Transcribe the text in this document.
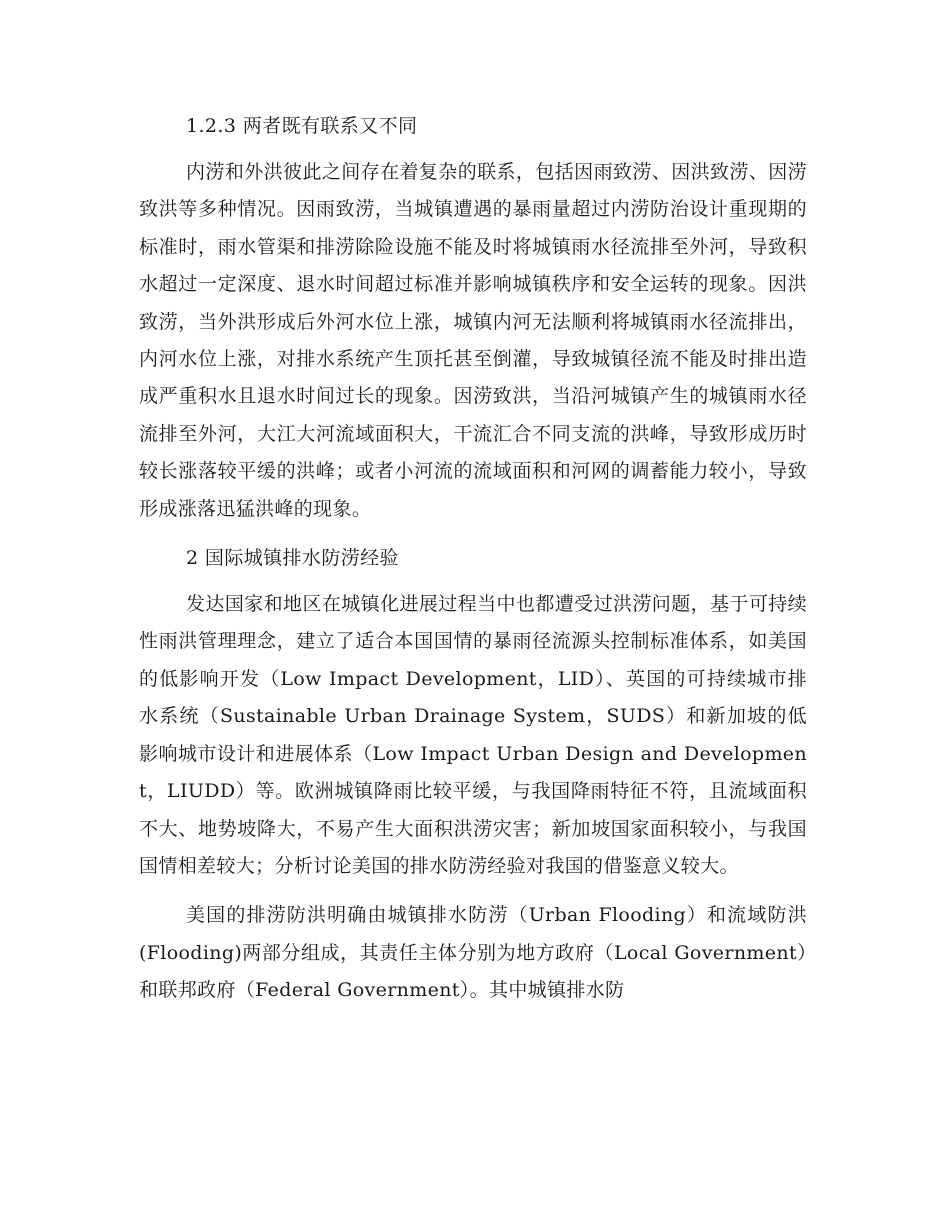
1.2.3 两者既有联系又不同

内涝和外洪彼此之间存在着复杂的联系，包括因雨致涝、因洪致涝、因涝致洪等多种情况。因雨致涝，当城镇遭遇的暴雨量超过内涝防治设计重现期的标准时，雨水管渠和排涝除险设施不能及时将城镇雨水径流排至外河，导致积水超过一定深度、退水时间超过标准并影响城镇秩序和安全运转的现象。因洪致涝，当外洪形成后外河水位上涨，城镇内河无法顺利将城镇雨水径流排出，内河水位上涨，对排水系统产生顶托甚至倒灌，导致城镇径流不能及时排出造成严重积水且退水时间过长的现象。因涝致洪，当沿河城镇产生的城镇雨水径流排至外河，大江大河流域面积大，干流汇合不同支流的洪峰，导致形成历时较长涨落较平缓的洪峰；或者小河流的流域面积和河网的调蓄能力较小，导致形成涨落迅猛洪峰的现象。

2 国际城镇排水防涝经验

发达国家和地区在城镇化进展过程当中也都遭受过洪涝问题，基于可持续性雨洪管理理念，建立了适合本国国情的暴雨径流源头控制标准体系，如美国的低影响开发（Low Impact Development，LID）、英国的可持续城市排水系统（Sustainable Urban Drainage System，SUDS）和新加坡的低影响城市设计和进展体系（Low Impact Urban Design and Development，LIUDD）等。欧洲城镇降雨比较平缓，与我国降雨特征不符，且流域面积不大、地势坡降大，不易产生大面积洪涝灾害；新加坡国家面积较小，与我国国情相差较大；分析讨论美国的排水防涝经验对我国的借鉴意义较大。

美国的排涝防洪明确由城镇排水防涝（Urban Flooding）和流域防洪(Flooding)两部分组成，其责任主体分别为地方政府（Local Government）和联邦政府（Federal Government）。其中城镇排水防
